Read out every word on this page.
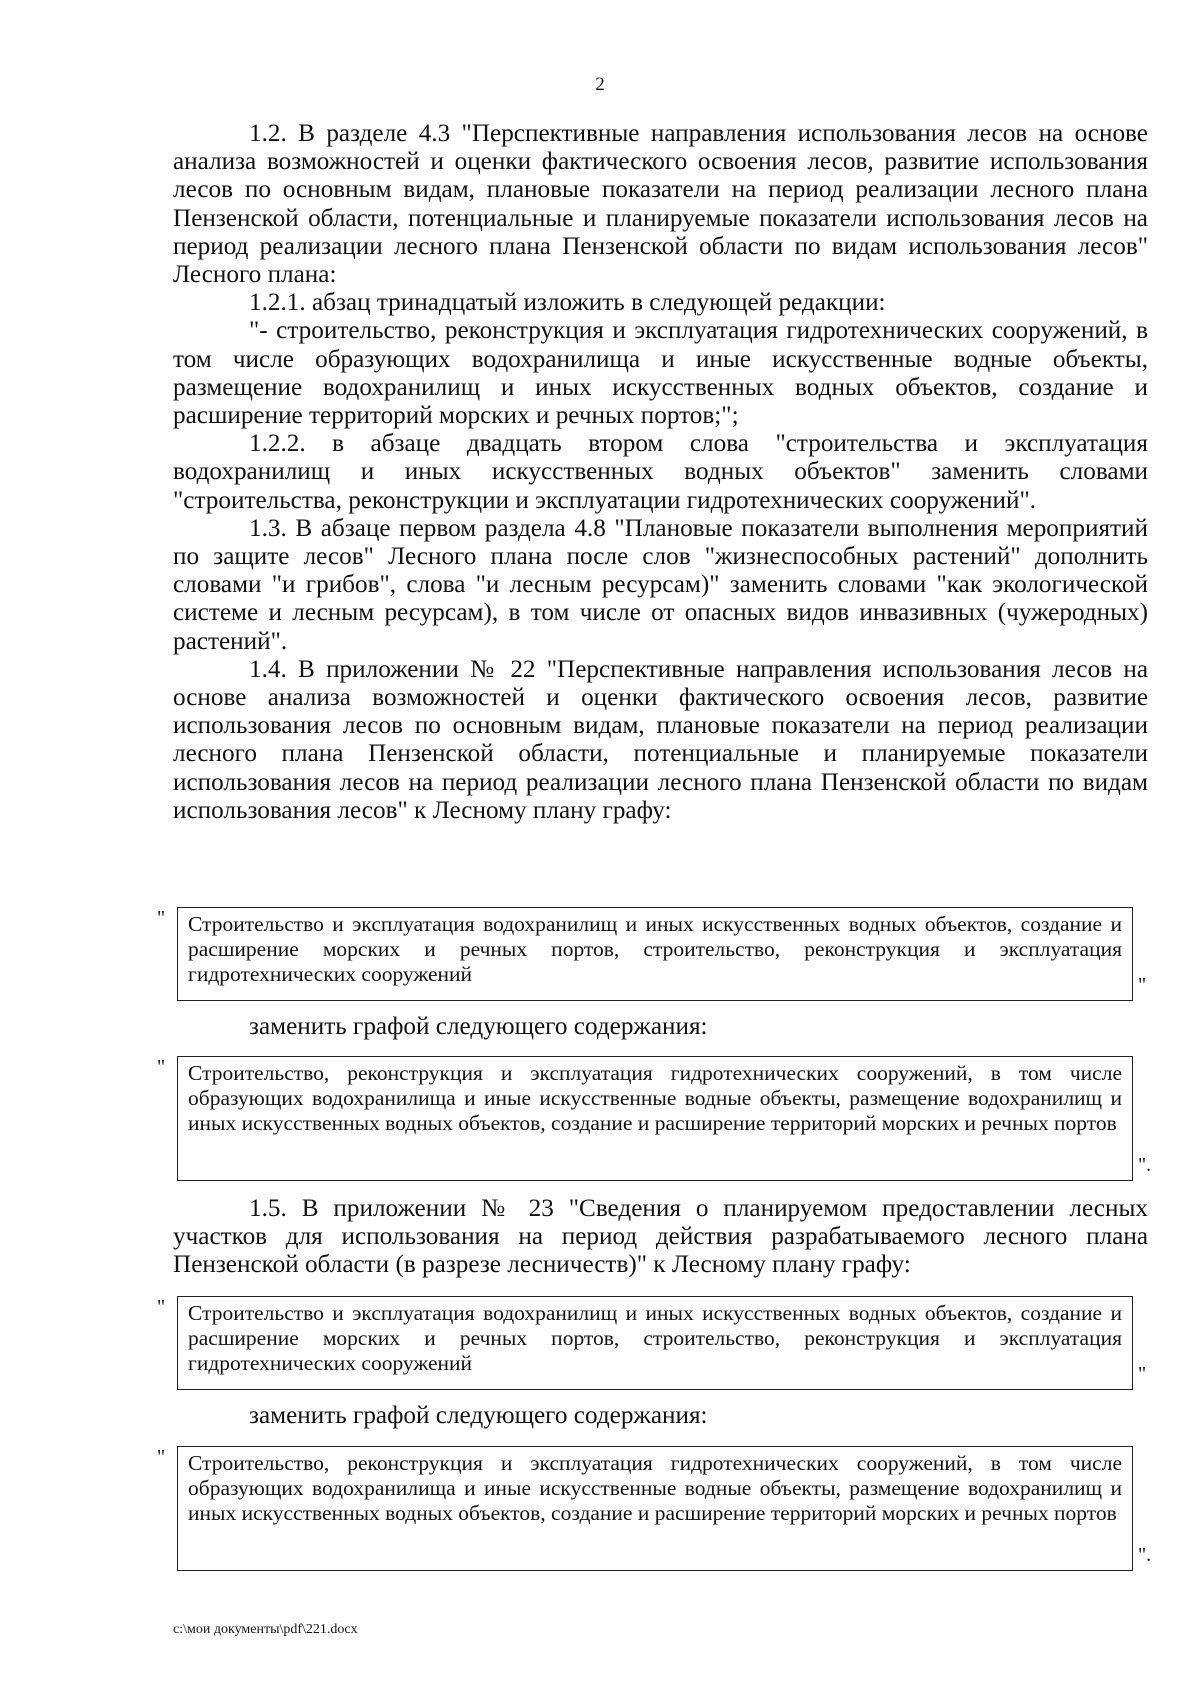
2

1.2. В разделе 4.3 "Перспективные направления использования лесов на основе анализа возможностей и оценки фактического освоения лесов, развитие использования лесов по основным видам, плановые показатели на период реализации лесного плана Пензенской области, потенциальные и планируемые показатели использования лесов на период реализации лесного плана Пензенской области по видам использования лесов" Лесного плана:

1.2.1. абзац тринадцатый изложить в следующей редакции:

"- строительство, реконструкция и эксплуатация гидротехнических сооружений, в том числе образующих водохранилища и иные искусственные водные объекты, размещение водохранилищ и иных искусственных водных объектов, создание и расширение территорий морских и речных портов;";

1.2.2. в абзаце двадцать втором слова "строительства и эксплуатация водохранилищ и иных искусственных водных объектов" заменить словами "строительства, реконструкции и эксплуатации гидротехнических сооружений".

1.3. В абзаце первом раздела 4.8 "Плановые показатели выполнения мероприятий по защите лесов" Лесного плана после слов "жизнеспособных растений" дополнить словами "и грибов", слова "и лесным ресурсам)" заменить словами "как экологической системе и лесным ресурсам), в том числе от опасных видов инвазивных (чужеродных) растений".

1.4. В приложении № 22 "Перспективные направления использования лесов на основе анализа возможностей и оценки фактического освоения лесов, развитие использования лесов по основным видам, плановые показатели на период реализации лесного плана Пензенской области, потенциальные и планируемые показатели использования лесов на период реализации лесного плана Пензенской области по видам использования лесов" к Лесному плану графу:

" Строительство и эксплуатация водохранилищ и иных искусственных водных объектов, создание и расширение морских и речных портов, строительство, реконструкция и эксплуатация гидротехнических сооружений	"
заменить графой следующего содержания:
" Строительство, реконструкция и эксплуатация гидротехнических сооружений, в том числе образующих водохранилища и иные искусственные водные объекты, размещение водохранилищ и иных искусственных водных объектов, создание и расширение территорий морских и речных портов
".

1.5. В приложении № 23 "Сведения о планируемом предоставлении лесных участков для использования на период действия разрабатываемого лесного плана Пензенской области (в разрезе лесничеств)" к Лесному плану графу:

" Строительство и эксплуатация водохранилищ и иных искусственных водных объектов, создание и расширение морских и речных портов, строительство, реконструкция и эксплуатация гидротехнических сооружений	"
заменить графой следующего содержания:
" Строительство, реконструкция и эксплуатация гидротехнических сооружений, в том числе образующих водохранилища и иные искусственные водные объекты, размещение водохранилищ и иных искусственных водных объектов, создание и расширение территорий морских и речных портов
".
c:\мои документы\pdf\221.docx
